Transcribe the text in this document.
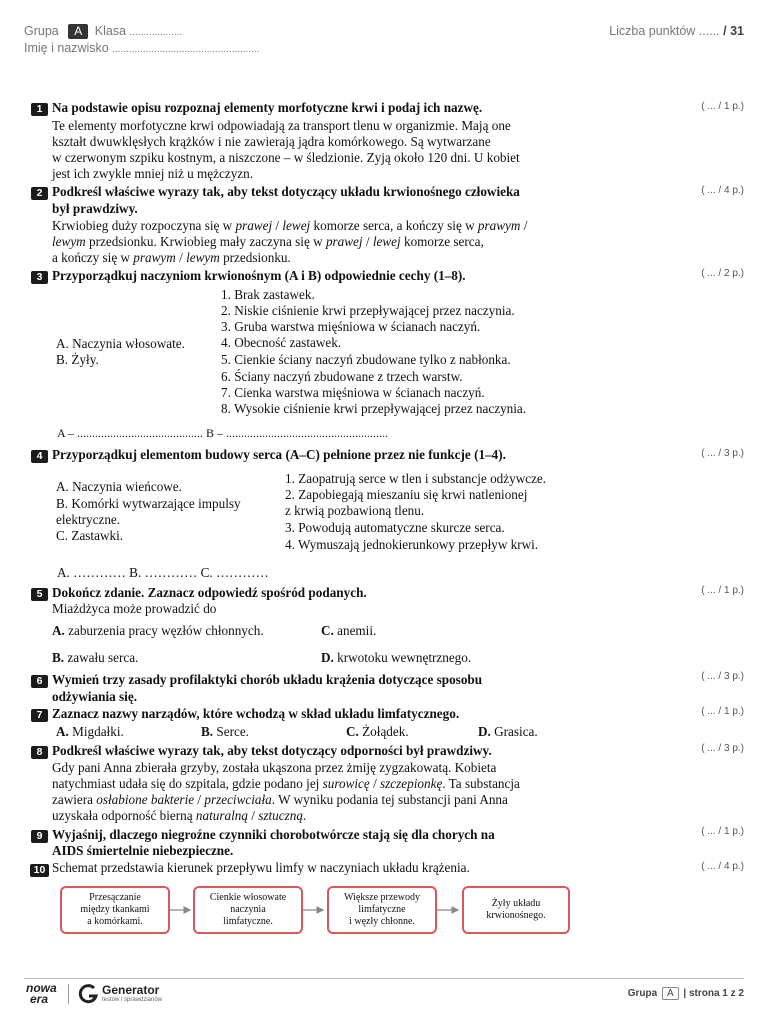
Grupa A Klasa ...................
Imię i nazwisko .....................................................
Liczba punktów ...... / 31
1 Na podstawie opisu rozpoznaj elementy morfotyczne krwi i podaj ich nazwę.	( ... / 1 p.)
Te elementy morfotyczne krwi odpowiadają za transport tlenu w organizmie. Mają one
kształt dwuwklęsłych krążków i nie zawierają jądra komórkowego. Są wytwarzane
w czerwonym szpiku kostnym, a niszczone – w śledzionie. Zyją około 120 dni. U kobiet
jest ich zwykle mniej niż u mężczyzn.
2 Podkreśl właściwe wyrazy tak, aby tekst dotyczący układu krwionośnego człowieka
był prawdziwy.
( ... / 4 p.)
Krwiobieg duży rozpoczyna się w prawej / lewej komorze serca, a kończy się w prawym /
lewym przedsionku. Krwiobieg mały zaczyna się w prawej / lewej komorze serca,
a kończy się w prawym / lewym przedsionku.
3 Przyporządkuj naczyniom krwionośnym (A i B) odpowiednie cechy (1–8).	( ... / 2 p.)
A. Naczynia włosowate.
B. Żyły.
1. Brak zastawek.
2. Niskie ciśnienie krwi przepływającej przez naczynia.
3. Gruba warstwa mięśniowa w ścianach naczyń.
4. Obecność zastawek.
5. Cienkie ściany naczyń zbudowane tylko z nabłonka.
6. Ściany naczyń zbudowane z trzech warstw.
7. Cienka warstwa mięśniowa w ścianach naczyń.
8. Wysokie ciśnienie krwi przepływającej przez naczynia.
A – .......................................... B – ......................................................
4 Przyporządkuj elementom budowy serca (A–C) pełnione przez nie funkcje (1–4).	( ... / 3 p.)
A. Naczynia wieńcowe.
B. Komórki wytwarzające impulsy
elektryczne.
C. Zastawki.
1. Zaopatrują serce w tlen i substancje odżywcze.
2. Zapobiegają mieszaniu się krwi natlenionej
z krwią pozbawioną tlenu.
3. Powodują automatyczne skurcze serca.
4. Wymuszają jednokierunkowy przepływ krwi.
A. ………… B. ………… C. …………
5 Dokończ zdanie. Zaznacz odpowiedź spośród podanych.	( ... / 1 p.)
Miażdżyca może prowadzić do
A. zaburzenia pracy węzłów chłonnych.	C. anemii.
B. zawału serca.	D. krwotoku wewnętrznego.
6 Wymień trzy zasady profilaktyki chorób układu krążenia dotyczące sposobu
odżywiania się.
( ... / 3 p.)
7 Zaznacz nazwy narządów, które wchodzą w skład układu limfatycznego.	( ... / 1 p.)
A. Migdałki.	B. Serce.	C. Żołądek.	D. Grasica.
8 Podkreśl właściwe wyrazy tak, aby tekst dotyczący odporności był prawdziwy.	( ... / 3 p.)
Gdy pani Anna zbierała grzyby, została ukąszona przez żmiję zygzakowatą. Kobieta
natychmiast udała się do szpitala, gdzie podano jej surowicę / szczepionkę. Ta substancja
zawiera osłabione bakterie / przeciwciała. W wyniku podania tej substancji pani Anna
uzyskała odporność bierną naturalną / sztuczną.
9 Wyjaśnij, dlaczego niegroźne czynniki chorobotwórcze stają się dla chorych na
AIDS śmiertelnie niebezpieczne.
( ... / 1 p.)
10 Schemat przedstawia kierunek przepływu limfy w naczyniach układu krążenia.	( ... / 4 p.)
Przesączanie
między tkankami
a komórkami.
Cienkie włosowate
naczynia
limfatyczne.
Większe przewody
limfatyczne
i węzły chłonne.
Żyły układu
krwionośnego.
nowa
era
Generator
testów i sprawdzianów
Grupa A | strona 1 z 2
